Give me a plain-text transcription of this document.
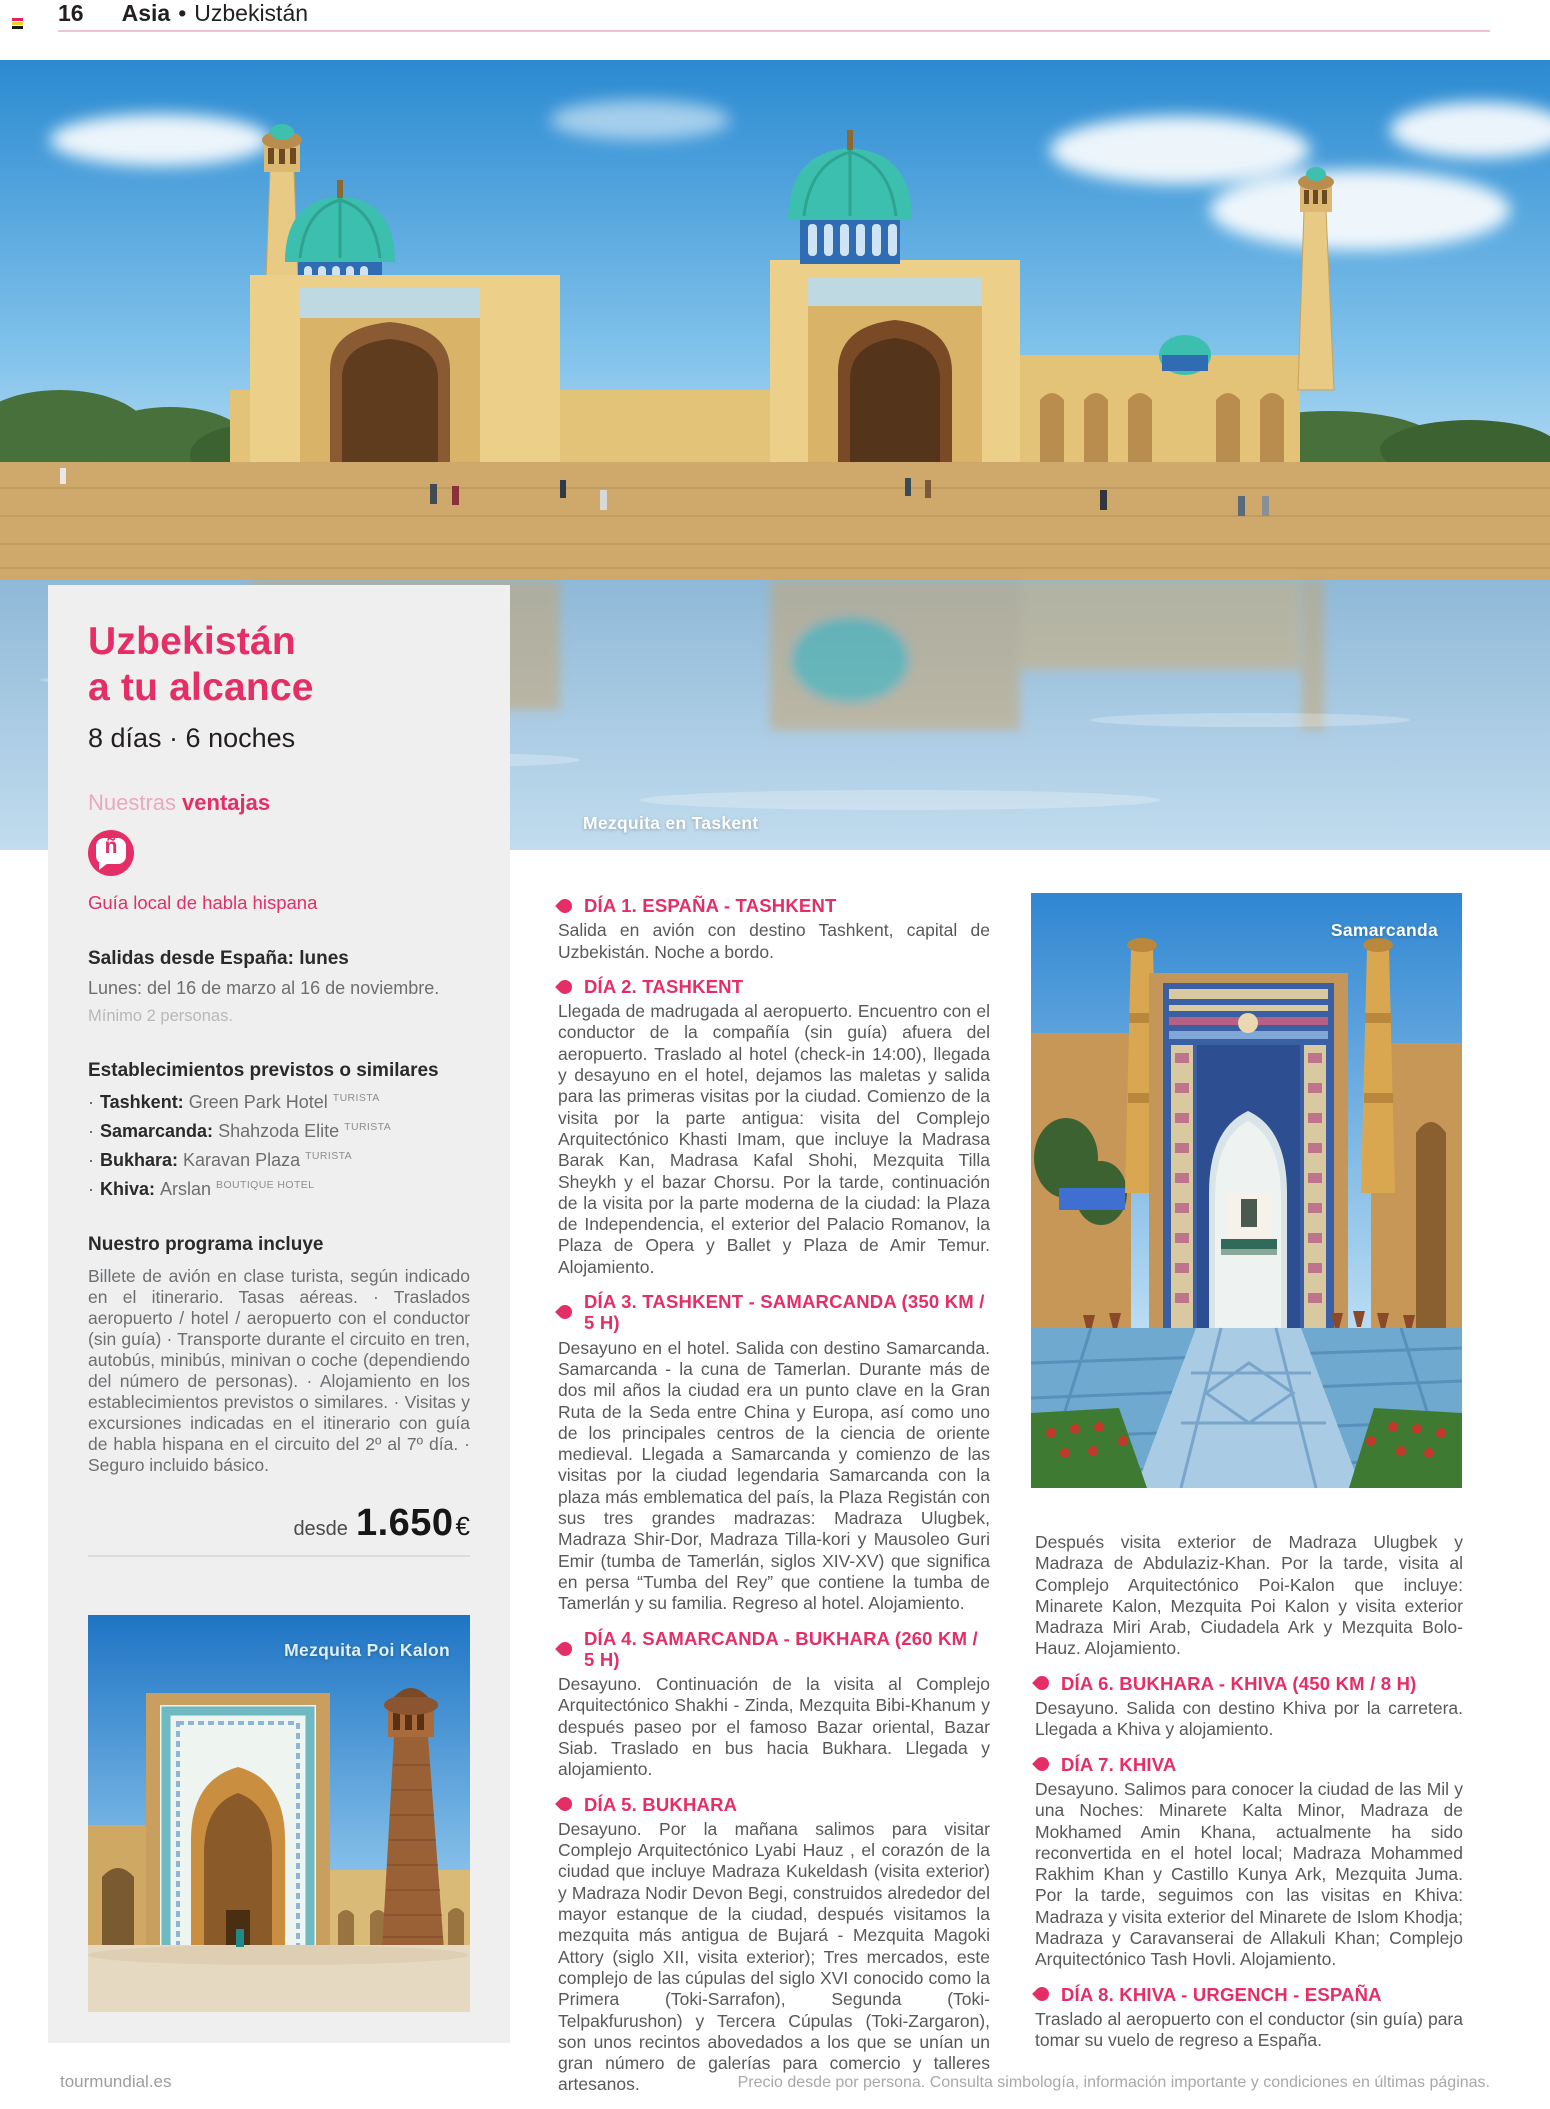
16 Asia • Uzbekistán
Mezquita en Taskent
Uzbekistán
a tu alcance
8 días · 6 noches
Nuestras ventajas
ñ
Guía local de habla hispana
Salidas desde España: lunes
Lunes: del 16 de marzo al 16 de noviembre.
Mínimo 2 personas.
Establecimientos previstos o similares
· Tashkent: Green Park Hotel $^{TURISTA}$
· Samarcanda: Shahzoda Elite $^{TURISTA}$
· Bukhara: Karavan Plaza $^{TURISTA}$
· Khiva: Arslan $^{BOUTIQUE HOTEL}$
Nuestro programa incluye
Billete de avión en clase turista, según indicado en el itinerario. Tasas aéreas. · Traslados aeropuerto / hotel / aeropuerto con el conductor (sin guía) · Transporte durante el circuito en tren, autobús, minibús, minivan o coche (dependiendo del número de personas). · Alojamiento en los establecimientos previstos o similares. · Visitas y excursiones indicadas en el itinerario con guía de habla hispana en el circuito del 2º al 7º día. · Seguro incluido básico.
desde 1.650 €
Mezquita Poi Kalon
DÍA 1. ESPAÑA - TASHKENT

Salida en avión con destino Tashkent, capital de Uzbekistán. Noche a bordo.

DÍA 2. TASHKENT

Llegada de madrugada al aeropuerto. Encuentro con el conductor de la compañía (sin guía) afuera del aeropuerto. Traslado al hotel (check-in 14:00), llegada y desayuno en el hotel, dejamos las maletas y salida para las primeras visitas por la ciudad. Comienzo de la visita por la parte antigua: visita del Complejo Arquitectónico Khasti Imam, que incluye la Madrasa Barak Kan, Madrasa Kafal Shohi, Mezquita Tilla Sheykh y el bazar Chorsu. Por la tarde, continuación de la visita por la parte moderna de la ciudad: la Plaza de Independencia, el exterior del Palacio Romanov, la Plaza de Opera y Ballet y Plaza de Amir Temur. Alojamiento.

DÍA 3. TASHKENT - SAMARCANDA (350 KM / 5 H)

Desayuno en el hotel. Salida con destino Samarcanda. Samarcanda - la cuna de Tamerlan. Durante más de dos mil años la ciudad era un punto clave en la Gran Ruta de la Seda entre China y Europa, así como uno de los principales centros de la ciencia de oriente medieval. Llegada a Samarcanda y comienzo de las visitas por la ciudad legendaria Samarcanda con la plaza más emblematica del país, la Plaza Registán con sus tres grandes madrazas: Madraza Ulugbek, Madraza Shir-Dor, Madraza Tilla-kori y Mausoleo Guri Emir (tumba de Tamerlán, siglos XIV-XV) que significa en persa “Tumba del Rey” que contiene la tumba de Tamerlán y su familia. Regreso al hotel. Alojamiento.

DÍA 4. SAMARCANDA - BUKHARA (260 KM / 5 H)

Desayuno. Continuación de la visita al Complejo Arquitectónico Shakhi - Zinda, Mezquita Bibi-Khanum y después paseo por el famoso Bazar oriental, Bazar Siab. Traslado en bus hacia Bukhara. Llegada y alojamiento.

DÍA 5. BUKHARA

Desayuno. Por la mañana salimos para visitar Complejo Arquitectónico Lyabi Hauz , el corazón de la ciudad que incluye Madraza Kukeldash (visita exterior) y Madraza Nodir Devon Begi, construidos alrededor del mayor estanque de la ciudad, después visitamos la mezquita más antigua de Bujará - Mezquita Magoki Attory (siglo XII, visita exterior); Tres mercados, este complejo de las cúpulas del siglo XVI conocido como la Primera (Toki-Sarrafon), Segunda (Toki-Telpakfurushon) y Tercera Cúpulas (Toki-Zargaron), son unos recintos abovedados a los que se unían un gran número de galerías para comercio y talleres artesanos.

Samarcanda

Después visita exterior de Madraza Ulugbek y Madraza de Abdulaziz-Khan. Por la tarde, visita al Complejo Arquitectónico Poi-Kalon que incluye: Minarete Kalon, Mezquita Poi Kalon y visita exterior Madraza Miri Arab, Ciudadela Ark y Mezquita Bolo-Hauz. Alojamiento.

DÍA 6. BUKHARA - KHIVA (450 KM / 8 H)

Desayuno. Salida con destino Khiva por la carretera. Llegada a Khiva y alojamiento.

DÍA 7. KHIVA

Desayuno. Salimos para conocer la ciudad de las Mil y una Noches: Minarete Kalta Minor, Madraza de Mokhamed Amin Khana, actualmente ha sido reconvertida en el hotel local; Madraza Mohammed Rakhim Khan y Castillo Kunya Ark, Mezquita Juma. Por la tarde, seguimos con las visitas en Khiva: Madraza y visita exterior del Minarete de Islom Khodja; Madraza y Caravanserai de Allakuli Khan; Complejo Arquitectónico Tash Hovli. Alojamiento.

DÍA 8. KHIVA - URGENCH - ESPAÑA

Traslado al aeropuerto con el conductor (sin guía) para tomar su vuelo de regreso a España.

tourmundial.es	Precio desde por persona. Consulta simbología, información importante y condiciones en últimas páginas.
